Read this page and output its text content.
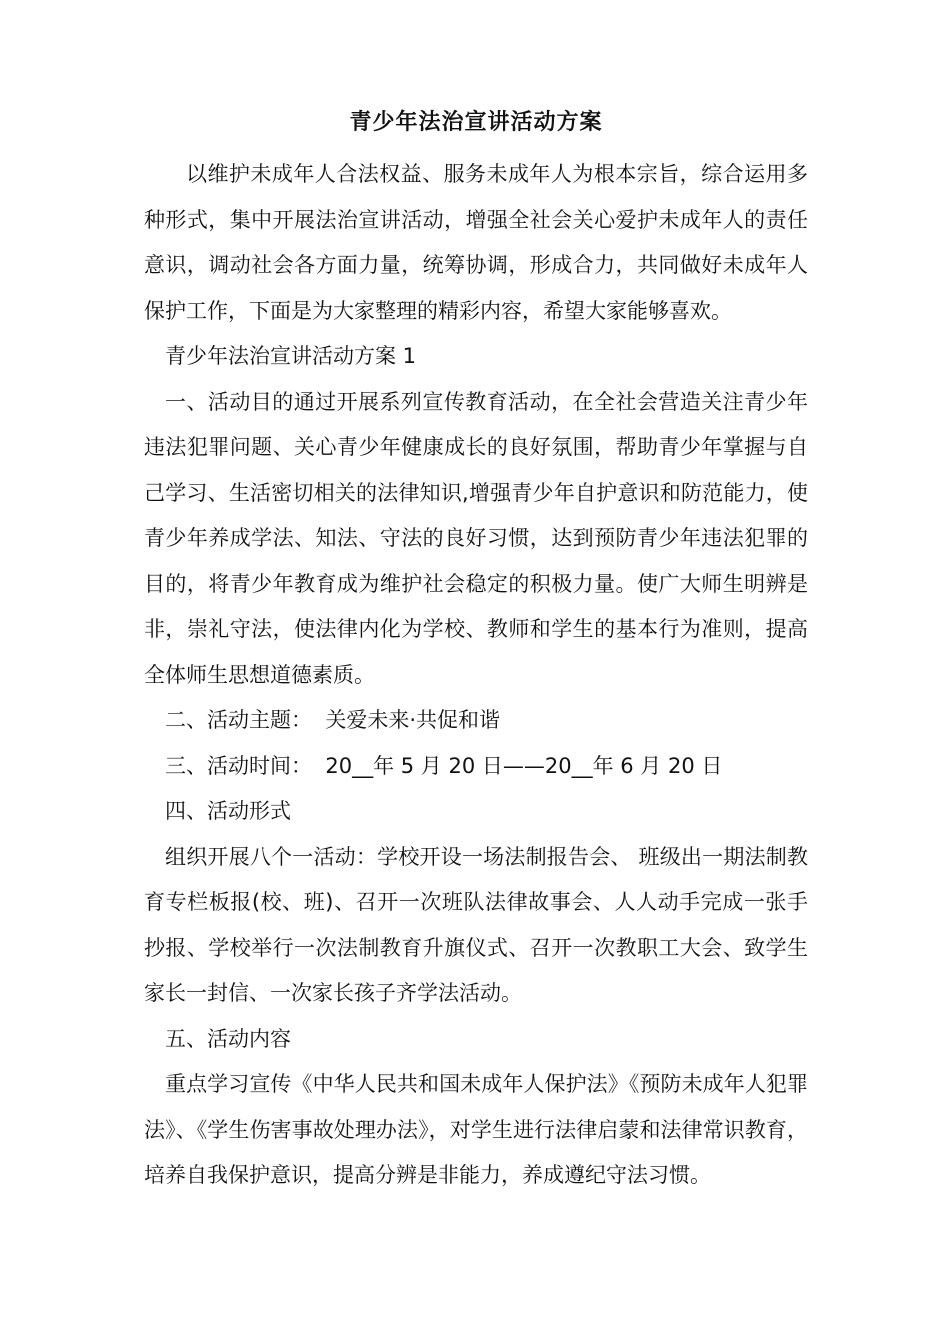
青少年法治宣讲活动方案

以维护未成年人合法权益、服务未成年人为根本宗旨，综合运用多种形式，集中开展法治宣讲活动，增强全社会关心爱护未成年人的责任意识，调动社会各方面力量，统筹协调，形成合力，共同做好未成年人保护工作，下面是为大家整理的精彩内容，希望大家能够喜欢。

青少年法治宣讲活动方案 1

一、活动目的通过开展系列宣传教育活动，在全社会营造关注青少年违法犯罪问题、关心青少年健康成长的良好氛围，帮助青少年掌握与自己学习、生活密切相关的法律知识,增强青少年自护意识和防范能力，使青少年养成学法、知法、守法的良好习惯，达到预防青少年违法犯罪的目的，将青少年教育成为维护社会稳定的积极力量。使广大师生明辨是非，崇礼守法，使法律内化为学校、教师和学生的基本行为准则，提高全体师生思想道德素质。

二、活动主题：  关爱未来·共促和谐

三、活动时间：  20__年 5 月 20 日——20__年 6 月 20 日

四、活动形式

组织开展八个一活动：学校开设一场法制报告会、 班级出一期法制教育专栏板报(校、班)、召开一次班队法律故事会、人人动手完成一张手抄报、学校举行一次法制教育升旗仪式、召开一次教职工大会、致学生家长一封信、一次家长孩子齐学法活动。

五、活动内容

重点学习宣传《中华人民共和国未成年人保护法》《预防未成年人犯罪法》、《学生伤害事故处理办法》，对学生进行法律启蒙和法律常识教育，培养自我保护意识，提高分辨是非能力，养成遵纪守法习惯。
